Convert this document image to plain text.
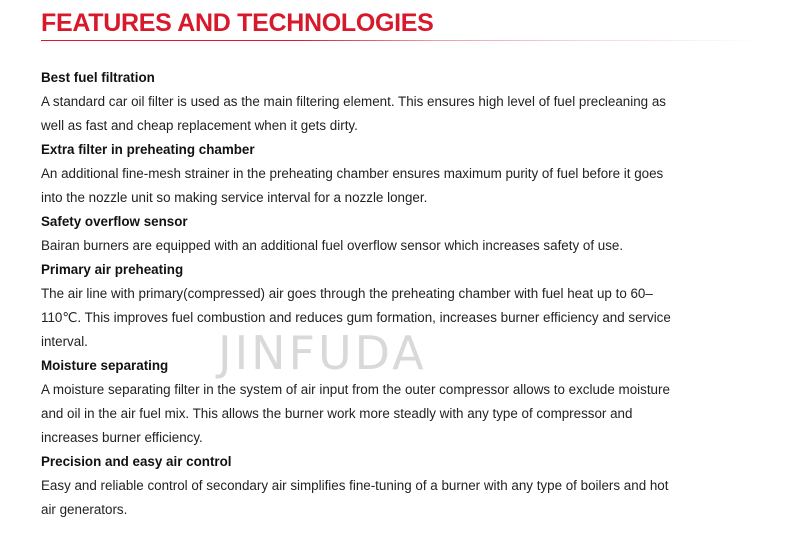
FEATURES AND TECHNOLOGIES

Best fuel filtration

A standard car oil filter is used as the main filtering element. This ensures high level of fuel precleaning as

well as fast and cheap replacement when it gets dirty.

Extra filter in preheating chamber

An additional fine-mesh strainer in the preheating chamber ensures maximum purity of fuel before it goes

into the nozzle unit so making service interval for a nozzle longer.

Safety overflow sensor

Bairan burners are equipped with an additional fuel overflow sensor which increases safety of use.

Primary air preheating

The air line with primary(compressed) air goes through the preheating chamber with fuel heat up to 60–

110℃. This improves fuel combustion and reduces gum formation, increases burner efficiency and service

interval.

Moisture separating

A moisture separating filter in the system of air input from the outer compressor allows to exclude moisture

and oil in the air fuel mix. This allows the burner work more steadly with any type of compressor and

increases burner efficiency.

Precision and easy air control

Easy and reliable control of secondary air simplifies fine-tuning of a burner with any type of boilers and hot

air generators.

JINFUDA
